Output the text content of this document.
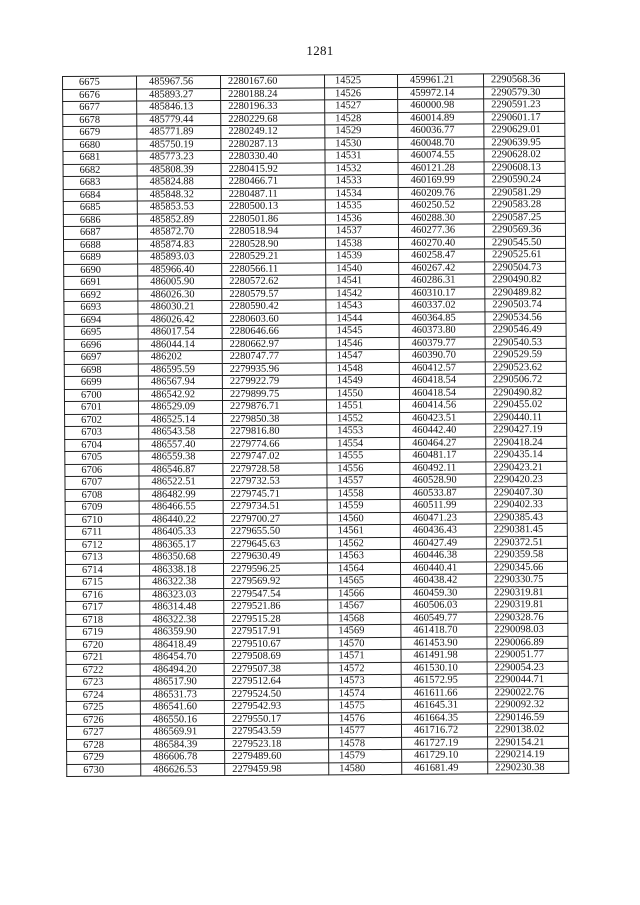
1281
6675	485967.56	2280167.60	14525	459961.21	2290568.36
6676	485893.27	2280188.24	14526	459972.14	2290579.30
6677	485846.13	2280196.33	14527	460000.98	2290591.23
6678	485779.44	2280229.68	14528	460014.89	2290601.17
6679	485771.89	2280249.12	14529	460036.77	2290629.01
6680	485750.19	2280287.13	14530	460048.70	2290639.95
6681	485773.23	2280330.40	14531	460074.55	2290628.02
6682	485808.39	2280415.92	14532	460121.28	2290608.13
6683	485824.88	2280466.71	14533	460169.99	2290590.24
6684	485848.32	2280487.11	14534	460209.76	2290581.29
6685	485853.53	2280500.13	14535	460250.52	2290583.28
6686	485852.89	2280501.86	14536	460288.30	2290587.25
6687	485872.70	2280518.94	14537	460277.36	2290569.36
6688	485874.83	2280528.90	14538	460270.40	2290545.50
6689	485893.03	2280529.21	14539	460258.47	2290525.61
6690	485966.40	2280566.11	14540	460267.42	2290504.73
6691	486005.90	2280572.62	14541	460286.31	2290490.82
6692	486026.30	2280579.57	14542	460310.17	2290489.82
6693	486030.21	2280590.42	14543	460337.02	2290503.74
6694	486026.42	2280603.60	14544	460364.85	2290534.56
6695	486017.54	2280646.66	14545	460373.80	2290546.49
6696	486044.14	2280662.97	14546	460379.77	2290540.53
6697	486202	2280747.77	14547	460390.70	2290529.59
6698	486595.59	2279935.96	14548	460412.57	2290523.62
6699	486567.94	2279922.79	14549	460418.54	2290506.72
6700	486542.92	2279899.75	14550	460418.54	2290490.82
6701	486529.09	2279876.71	14551	460414.56	2290455.02
6702	486525.14	2279850.38	14552	460423.51	2290440.11
6703	486543.58	2279816.80	14553	460442.40	2290427.19
6704	486557.40	2279774.66	14554	460464.27	2290418.24
6705	486559.38	2279747.02	14555	460481.17	2290435.14
6706	486546.87	2279728.58	14556	460492.11	2290423.21
6707	486522.51	2279732.53	14557	460528.90	2290420.23
6708	486482.99	2279745.71	14558	460533.87	2290407.30
6709	486466.55	2279734.51	14559	460511.99	2290402.33
6710	486440.22	2279700.27	14560	460471.23	2290385.43
6711	486405.33	2279655.50	14561	460436.43	2290381.45
6712	486365.17	2279645.63	14562	460427.49	2290372.51
6713	486350.68	2279630.49	14563	460446.38	2290359.58
6714	486338.18	2279596.25	14564	460440.41	2290345.66
6715	486322.38	2279569.92	14565	460438.42	2290330.75
6716	486323.03	2279547.54	14566	460459.30	2290319.81
6717	486314.48	2279521.86	14567	460506.03	2290319.81
6718	486322.38	2279515.28	14568	460549.77	2290328.76
6719	486359.90	2279517.91	14569	461418.70	2290098.03
6720	486418.49	2279510.67	14570	461453.90	2290066.89
6721	486454.70	2279508.69	14571	461491.98	2290051.77
6722	486494.20	2279507.38	14572	461530.10	2290054.23
6723	486517.90	2279512.64	14573	461572.95	2290044.71
6724	486531.73	2279524.50	14574	461611.66	2290022.76
6725	486541.60	2279542.93	14575	461645.31	2290092.32
6726	486550.16	2279550.17	14576	461664.35	2290146.59
6727	486569.91	2279543.59	14577	461716.72	2290138.02
6728	486584.39	2279523.18	14578	461727.19	2290154.21
6729	486606.78	2279489.60	14579	461729.10	2290214.19
6730	486626.53	2279459.98	14580	461681.49	2290230.38
